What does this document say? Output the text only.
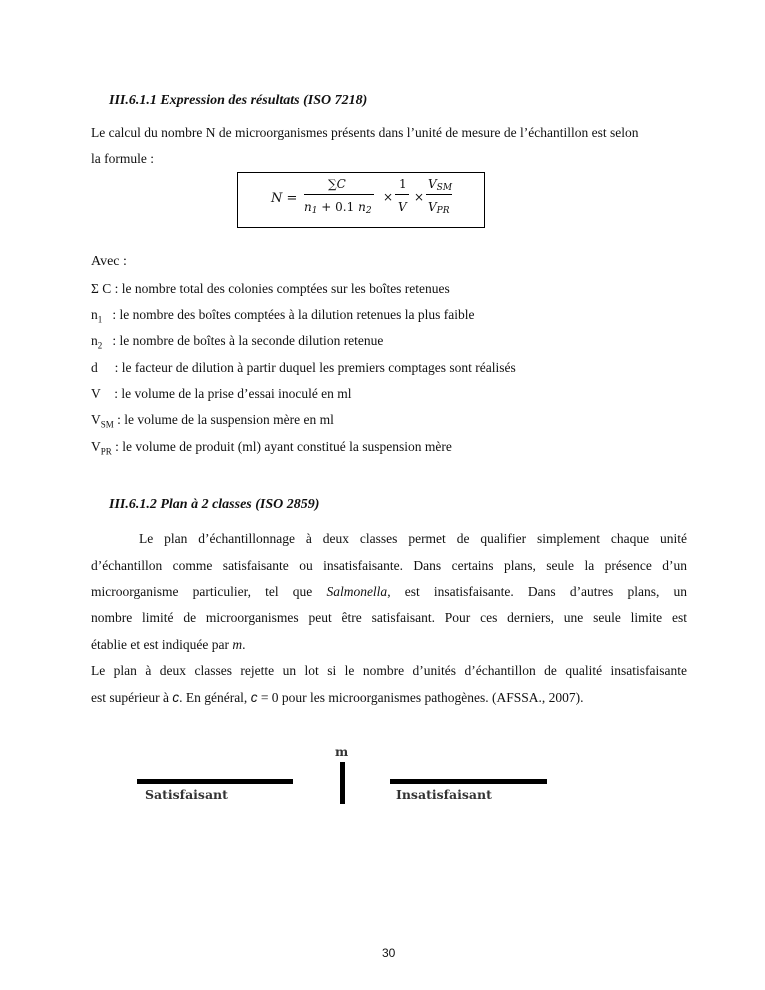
III.6.1.1 Expression des résultats (ISO 7218)
Le calcul du nombre N de microorganismes présents dans l’unité de mesure de l’échantillon est selon
la formule :
N =
∑C
$n_1 + 0.1$ $n_2$
×
1
V
×
$V_{SM}$
$V_{PR}$
Avec :
Σ C : le nombre total des colonies comptées sur les boîtes retenues
$n_1$ : le nombre des boîtes comptées à la dilution retenues la plus faible
$n_2$ : le nombre de boîtes à la seconde dilution retenue
d : le facteur de dilution à partir duquel les premiers comptages sont réalisés
V : le volume de la prise d’essai inoculé en ml
$V_{SM}$ : le volume de la suspension mère en ml
$V_{PR}$ : le volume de produit (ml) ayant constitué la suspension mère
III.6.1.2 Plan à 2 classes (ISO 2859)
Le plan d’échantillonnage à deux classes permet de qualifier simplement chaque unité
d’échantillon comme satisfaisante ou insatisfaisante. Dans certains plans, seule la présence d’un
microorganisme particulier, tel que Salmonella, est insatisfaisante. Dans d’autres plans, un
nombre limité de microorganismes peut être satisfaisant. Pour ces derniers, une seule limite est
établie et est indiquée par m.
Le plan à deux classes rejette un lot si le nombre d’unités d’échantillon de qualité insatisfaisante
est supérieur à c. En général, c = 0 pour les microorganismes pathogènes. (AFSSA., 2007).
m
Satisfaisant	Insatisfaisant
30
